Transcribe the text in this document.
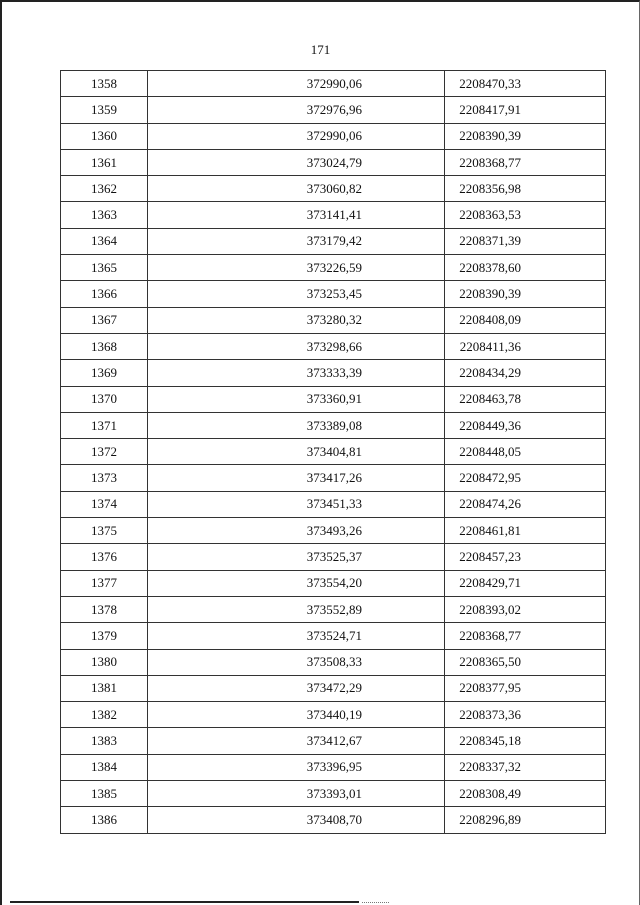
171
1358	372990,06	2208470,33
1359	372976,96	2208417,91
1360	372990,06	2208390,39
1361	373024,79	2208368,77
1362	373060,82	2208356,98
1363	373141,41	2208363,53
1364	373179,42	2208371,39
1365	373226,59	2208378,60
1366	373253,45	2208390,39
1367	373280,32	2208408,09
1368	373298,66	2208411,36
1369	373333,39	2208434,29
1370	373360,91	2208463,78
1371	373389,08	2208449,36
1372	373404,81	2208448,05
1373	373417,26	2208472,95
1374	373451,33	2208474,26
1375	373493,26	2208461,81
1376	373525,37	2208457,23
1377	373554,20	2208429,71
1378	373552,89	2208393,02
1379	373524,71	2208368,77
1380	373508,33	2208365,50
1381	373472,29	2208377,95
1382	373440,19	2208373,36
1383	373412,67	2208345,18
1384	373396,95	2208337,32
1385	373393,01	2208308,49
1386	373408,70	2208296,89
